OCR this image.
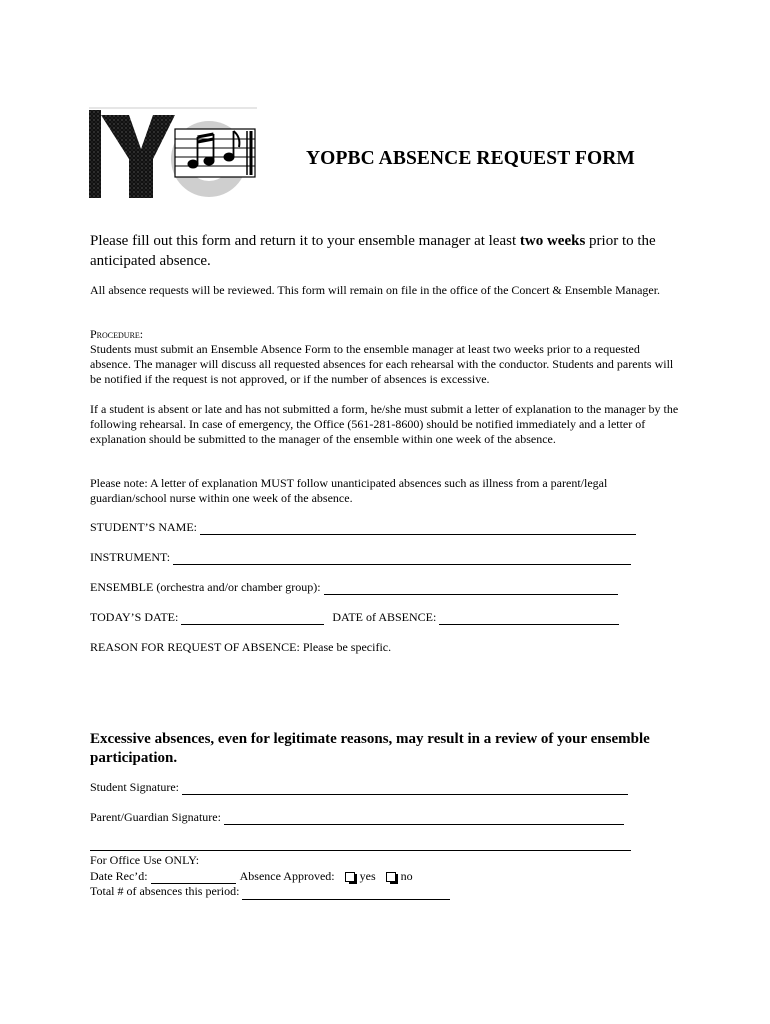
YOPBC ABSENCE REQUEST FORM
Please fill out this form and return it to your ensemble manager at least two weeks prior to the anticipated absence.
All absence requests will be reviewed. This form will remain on file in the office of the Concert & Ensemble Manager.
Procedure:
Students must submit an Ensemble Absence Form to the ensemble manager at least two weeks prior to a requested absence. The manager will discuss all requested absences for each rehearsal with the conductor. Students and parents will be notified if the request is not approved, or if the number of absences is excessive.
If a student is absent or late and has not submitted a form, he/she must submit a letter of explanation to the manager by the following rehearsal. In case of emergency, the Office (561-281-8600) should be notified immediately and a letter of explanation should be submitted to the manager of the ensemble within one week of the absence.
Please note: A letter of explanation MUST follow unanticipated absences such as illness from a parent/legal guardian/school nurse within one week of the absence.
STUDENT’S NAME:
INSTRUMENT:
ENSEMBLE (orchestra and/or chamber group):
TODAY’S DATE:	DATE of ABSENCE:
REASON FOR REQUEST OF ABSENCE: Please be specific.
Excessive absences, even for legitimate reasons, may result in a review of your ensemble participation.
Student Signature:
Parent/Guardian Signature:
For Office Use ONLY:
Date Rec’d:	Absence Approved: yes no
Total # of absences this period:
